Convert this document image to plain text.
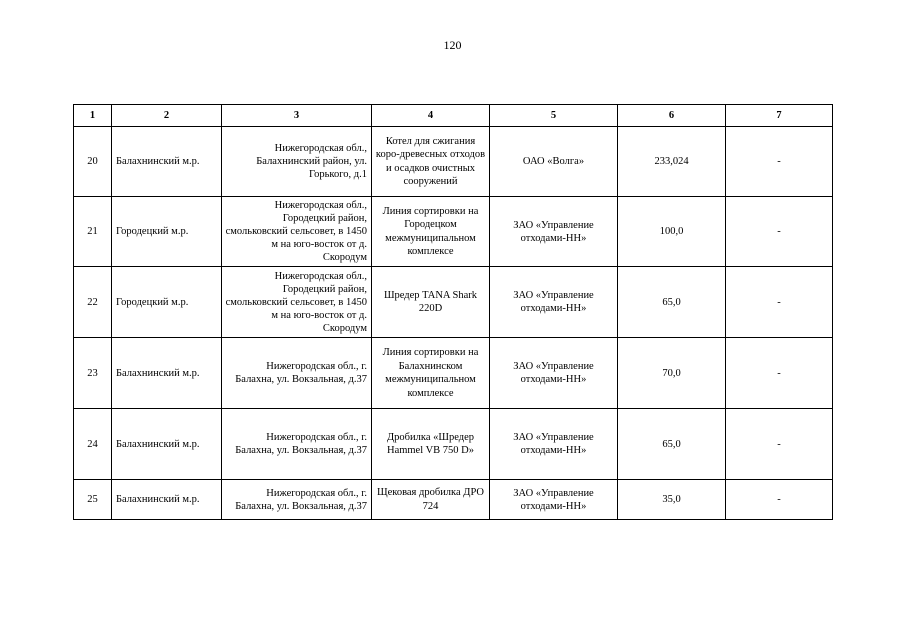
120
1	2	3	4	5	6	7
20	Балахнинский м.р.	Нижегородская обл., Балахнинский район, ул. Горького, д.1	Котел для сжигания коро-древесных отходов и осадков очистных сооружений	ОАО «Волга»	233,024	-
21	Городецкий м.р.	Нижегородская обл., Городецкий район, смольковский сельсовет, в 1450 м на юго-восток от д. Скородум	Линия сортировки на Городецком межмуниципальном комплексе	ЗАО «Управление отходами-НН»	100,0	-
22	Городецкий м.р.	Нижегородская обл., Городецкий район, смольковский сельсовет, в 1450 м на юго-восток от д. Скородум	Шредер TANA Shark 220D	ЗАО «Управление отходами-НН»	65,0	-
23	Балахнинский м.р.	Нижегородская обл., г. Балахна, ул. Вокзальная, д.37	Линия сортировки на Балахнинском межмуниципальном комплексе	ЗАО «Управление отходами-НН»	70,0	-
24	Балахнинский м.р.	Нижегородская обл., г. Балахна, ул. Вокзальная, д.37	Дробилка «Шредер Hammel VB 750 D»	ЗАО «Управление отходами-НН»	65,0	-
25	Балахнинский м.р.	Нижегородская обл., г. Балахна, ул. Вокзальная, д.37	Щековая дробилка ДРО 724	ЗАО «Управление отходами-НН»	35,0	-
